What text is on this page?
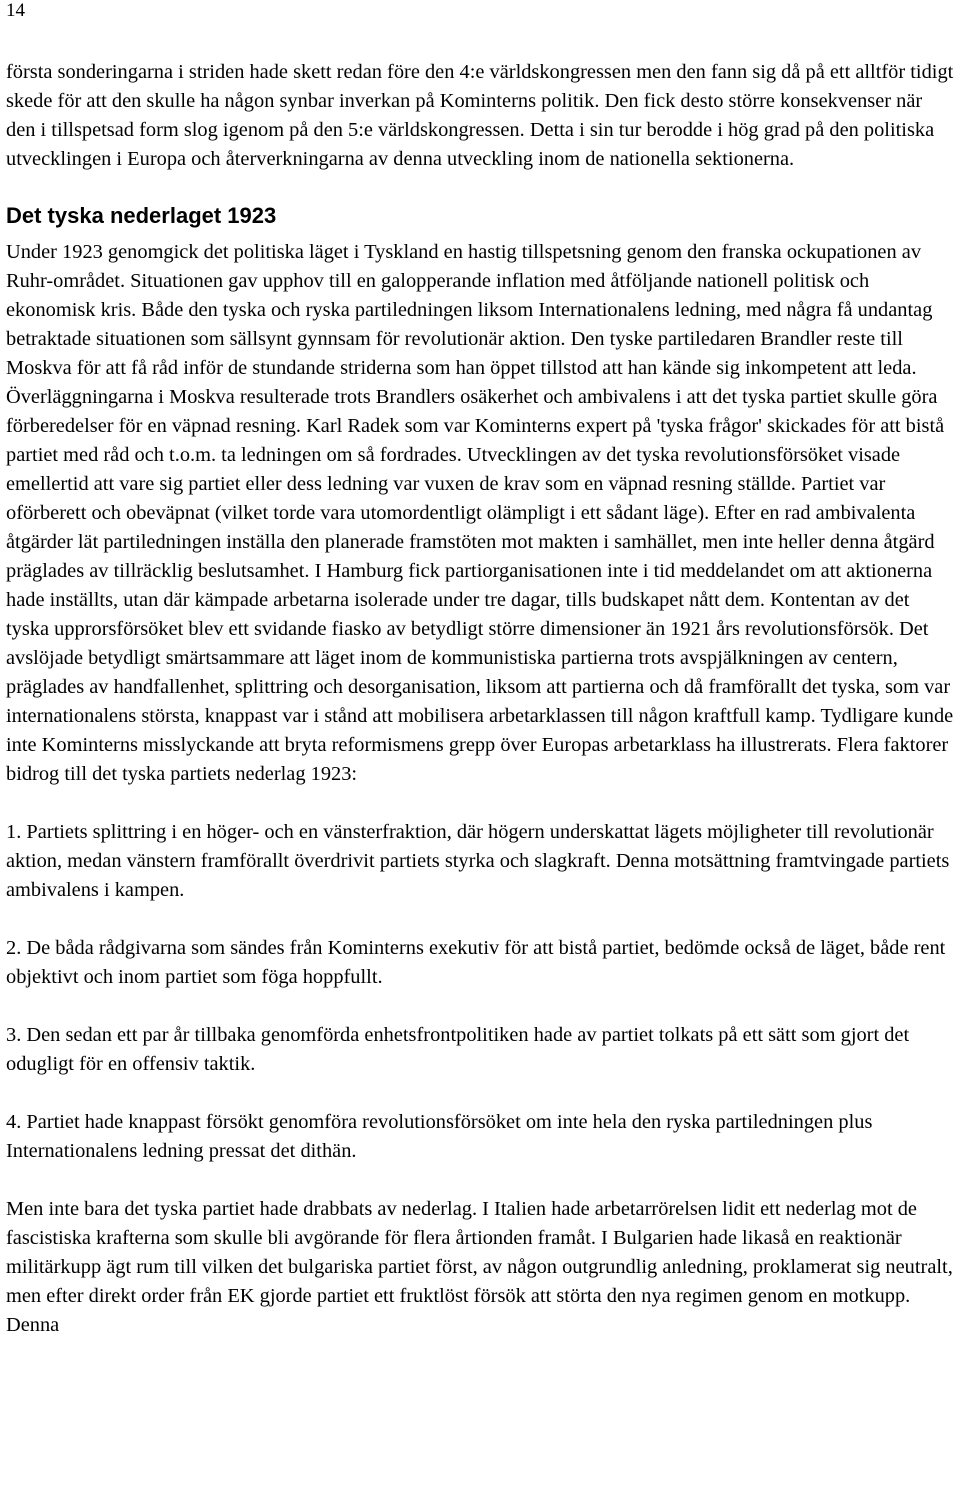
14

första sonderingarna i striden hade skett redan före den 4:e världskongressen men den fann sig då på ett alltför tidigt skede för att den skulle ha någon synbar inverkan på Kominterns politik. Den fick desto större konsekvenser när den i tillspetsad form slog igenom på den 5:e världskongressen. Detta i sin tur berodde i hög grad på den politiska utvecklingen i Europa och återverkningarna av denna utveckling inom de nationella sektionerna.

Det tyska nederlaget 1923

Under 1923 genomgick det politiska läget i Tyskland en hastig tillspetsning genom den franska ockupationen av Ruhr-området. Situationen gav upphov till en galopperande inflation med åtföljande nationell politisk och ekonomisk kris. Både den tyska och ryska partiledningen liksom Internationalens ledning, med några få undantag betraktade situationen som sällsynt gynnsam för revolutionär aktion. Den tyske partiledaren Brandler reste till Moskva för att få råd inför de stundande striderna som han öppet tillstod att han kände sig inkompetent att leda. Överläggningarna i Moskva resulterade trots Brandlers osäkerhet och ambivalens i att det tyska partiet skulle göra förberedelser för en väpnad resning. Karl Radek som var Kominterns expert på 'tyska frågor' skickades för att bistå partiet med råd och t.o.m. ta ledningen om så fordrades. Utvecklingen av det tyska revolutionsförsöket visade emellertid att vare sig partiet eller dess ledning var vuxen de krav som en väpnad resning ställde. Partiet var oförberett och obeväpnat (vilket torde vara utomordentligt olämpligt i ett sådant läge). Efter en rad ambivalenta åtgärder lät partiledningen inställa den planerade framstöten mot makten i samhället, men inte heller denna åtgärd präglades av tillräcklig beslutsamhet. I Hamburg fick partiorganisationen inte i tid meddelandet om att aktionerna hade inställts, utan där kämpade arbetarna isolerade under tre dagar, tills budskapet nått dem. Kontentan av det tyska upprorsförsöket blev ett svidande fiasko av betydligt större dimensioner än 1921 års revolutionsförsök. Det avslöjade betydligt smärtsammare att läget inom de kommunistiska partierna trots avspjälkningen av centern, präglades av handfallenhet, splittring och desorganisation, liksom att partierna och då framförallt det tyska, som var internationalens största, knappast var i stånd att mobilisera arbetarklassen till någon kraftfull kamp. Tydligare kunde inte Kominterns misslyckande att bryta reformismens grepp över Europas arbetarklass ha illustrerats. Flera faktorer bidrog till det tyska partiets nederlag 1923:

1. Partiets splittring i en höger- och en vänsterfraktion, där högern underskattat lägets möjligheter till revolutionär aktion, medan vänstern framförallt överdrivit partiets styrka och slagkraft. Denna motsättning framtvingade partiets ambivalens i kampen.

2. De båda rådgivarna som sändes från Kominterns exekutiv för att bistå partiet, bedömde också de läget, både rent objektivt och inom partiet som föga hoppfullt.

3. Den sedan ett par år tillbaka genomförda enhetsfrontpolitiken hade av partiet tolkats på ett sätt som gjort det odugligt för en offensiv taktik.

4. Partiet hade knappast försökt genomföra revolutionsförsöket om inte hela den ryska partiledningen plus Internationalens ledning pressat det dithän.

Men inte bara det tyska partiet hade drabbats av nederlag. I Italien hade arbetarrörelsen lidit ett nederlag mot de fascistiska krafterna som skulle bli avgörande för flera årtionden framåt. I Bulgarien hade likaså en reaktionär militärkupp ägt rum till vilken det bulgariska partiet först, av någon outgrundlig anledning, proklamerat sig neutralt, men efter direkt order från EK gjorde partiet ett fruktlöst försök att störta den nya regimen genom en motkupp. Denna
